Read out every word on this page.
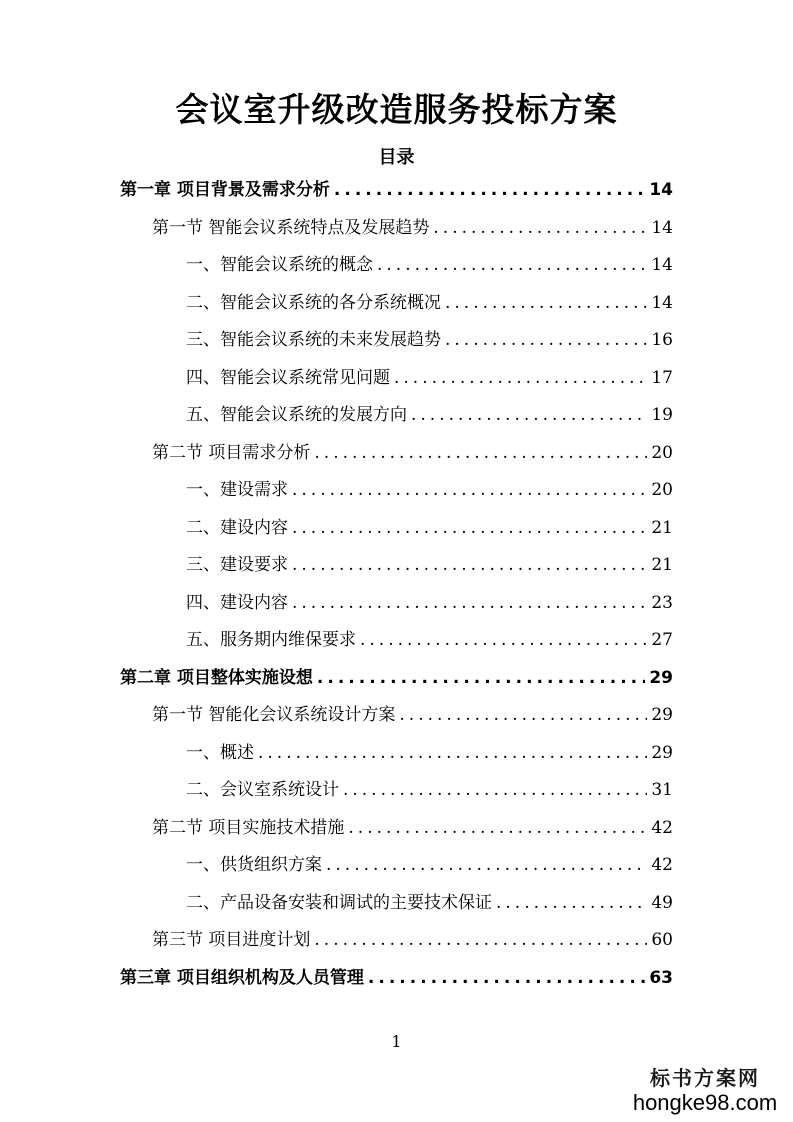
会议室升级改造服务投标方案
目录
第一章 项目背景及需求分析 .....	14
第一节 智能会议系统特点及发展趋势 .....	14
一、智能会议系统的概念 .....	14
二、智能会议系统的各分系统概况 .....	14
三、智能会议系统的未来发展趋势 .....	16
四、智能会议系统常见问题 .....	17
五、智能会议系统的发展方向 .....	19
第二节 项目需求分析 .....	20
一、建设需求 .....	20
二、建设内容 .....	21
三、建设要求 .....	21
四、建设内容 .....	23
五、服务期内维保要求 .....	27
第二章 项目整体实施设想 .....	29
第一节 智能化会议系统设计方案 .....	29
一、概述 .....	29
二、会议室系统设计 .....	31
第二节 项目实施技术措施 .....	42
一、供货组织方案 .....	42
二、产品设备安装和调试的主要技术保证 .....	49
第三节 项目进度计划 .....	60
第三章 项目组织机构及人员管理 .....	63
1
标书方案网
hongke98.com
